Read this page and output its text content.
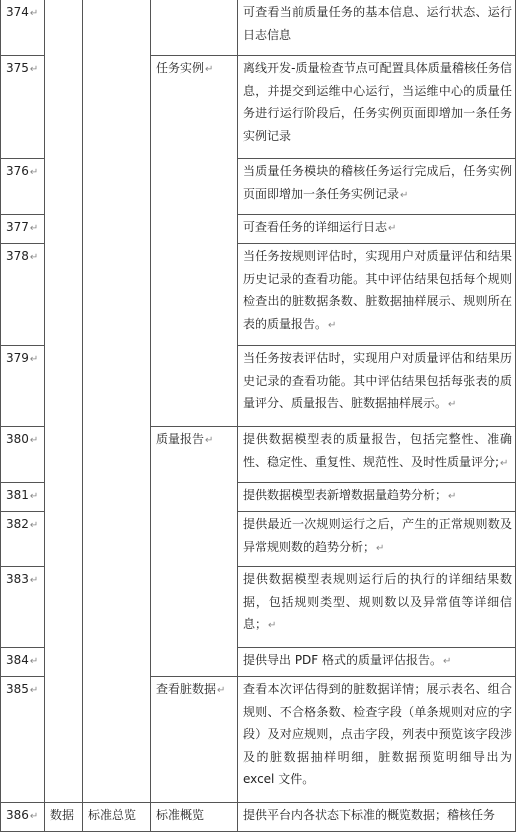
374↵				可查看当前质量任务的基本信息、运行状态、运行日志信息
375↵			任务实例↵	离线开发-质量检查节点可配置具体质量稽核任务信息，并提交到运维中心运行，当运维中心的质量任务进行运行阶段后，任务实例页面即增加一条任务实例记录
376↵				当质量任务模块的稽核任务运行完成后，任务实例页面即增加一条任务实例记录↵
377↵				可查看任务的详细运行日志↵
378↵				当任务按规则评估时，实现用户对质量评估和结果历史记录的查看功能。其中评估结果包括每个规则检查出的脏数据条数、脏数据抽样展示、规则所在表的质量报告。↵
379↵				当任务按表评估时，实现用户对质量评估和结果历史记录的查看功能。其中评估结果包括每张表的质量评分、质量报告、脏数据抽样展示。↵
380↵			质量报告↵	提供数据模型表的质量报告，包括完整性、准确性、稳定性、重复性、规范性、及时性质量评分;↵
381↵				提供数据模型表新增数据量趋势分析；↵
382↵				提供最近一次规则运行之后，产生的正常规则数及异常规则数的趋势分析；↵
383↵				提供数据模型表规则运行后的执行的详细结果数据，包括规则类型、规则数以及异常值等详细信息；↵
384↵				提供导出 PDF 格式的质量评估报告。↵
385↵			查看脏数据↵	查看本次评估得到的脏数据详情；展示表名、组合规则、不合格条数、检查字段（单条规则对应的字段）及对应规则，点击字段，列表中预览该字段涉及的脏数据抽样明细，脏数据预览明细导出为 excel 文件。
386↵	数据	标准总览	标准概览	提供平台内各状态下标准的概览数据；稽核任务
